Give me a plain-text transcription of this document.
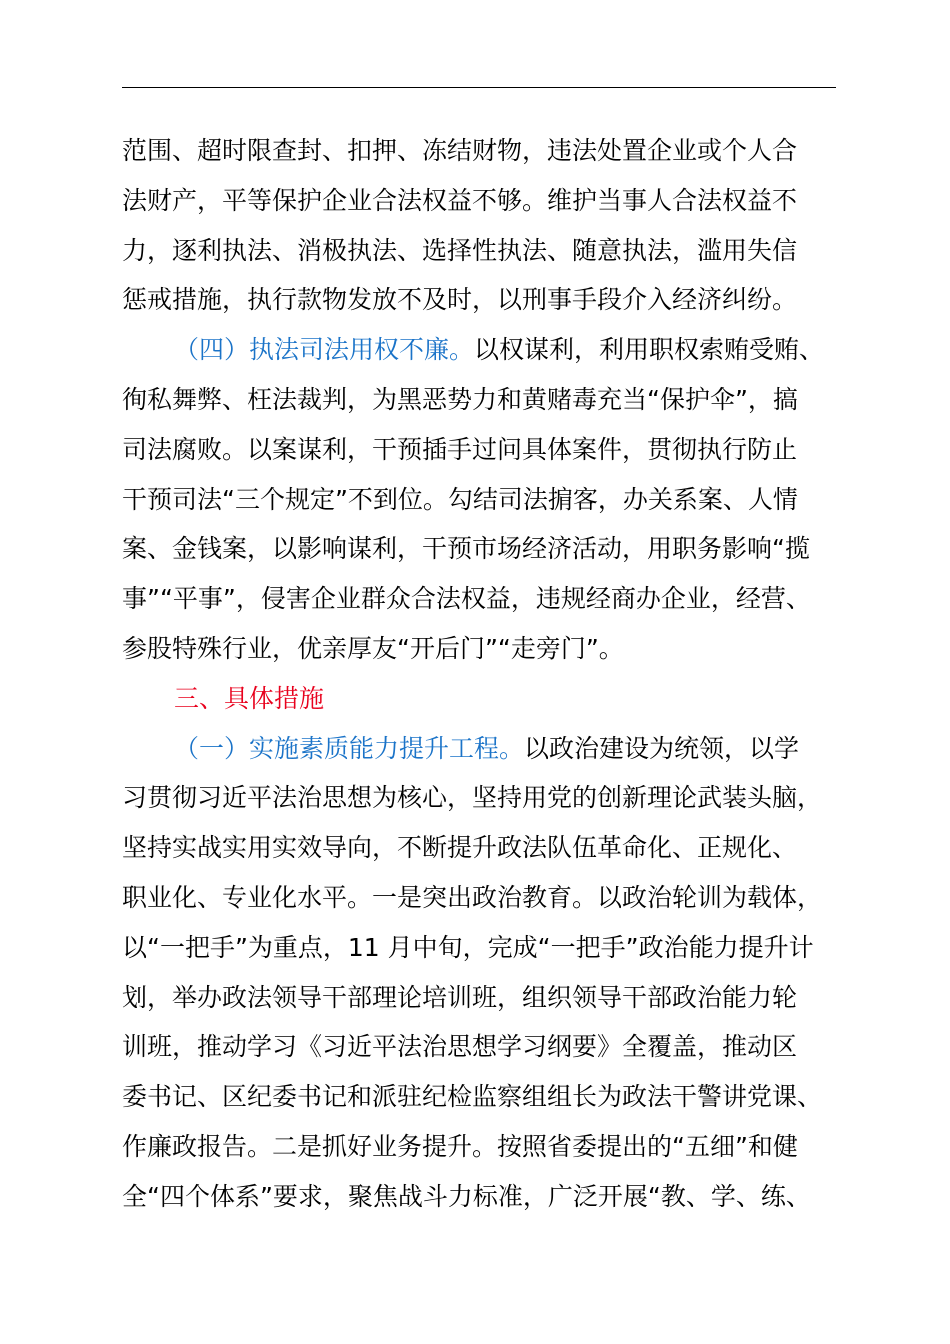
范围、超时限查封、扣押、冻结财物，违法处置企业或个人合
法财产，平等保护企业合法权益不够。维护当事人合法权益不
力，逐利执法、消极执法、选择性执法、随意执法，滥用失信
惩戒措施，执行款物发放不及时，以刑事手段介入经济纠纷。
（四）执法司法用权不廉。以权谋利，利用职权索贿受贿、
徇私舞弊、枉法裁判，为黑恶势力和黄赌毒充当“保护伞”，搞
司法腐败。以案谋利，干预插手过问具体案件，贯彻执行防止
干预司法“三个规定”不到位。勾结司法掮客，办关系案、人情
案、金钱案，以影响谋利，干预市场经济活动，用职务影响“揽
事”“平事”，侵害企业群众合法权益，违规经商办企业，经营、
参股特殊行业，优亲厚友“开后门”“走旁门”。
三、具体措施
（一）实施素质能力提升工程。以政治建设为统领，以学
习贯彻习近平法治思想为核心，坚持用党的创新理论武装头脑，
坚持实战实用实效导向，不断提升政法队伍革命化、正规化、
职业化、专业化水平。一是突出政治教育。以政治轮训为载体，
以“一把手”为重点，11 月中旬，完成“一把手”政治能力提升计
划，举办政法领导干部理论培训班，组织领导干部政治能力轮
训班，推动学习《习近平法治思想学习纲要》全覆盖，推动区
委书记、区纪委书记和派驻纪检监察组组长为政法干警讲党课、
作廉政报告。二是抓好业务提升。按照省委提出的“五细”和健
全“四个体系”要求，聚焦战斗力标准，广泛开展“教、学、练、
